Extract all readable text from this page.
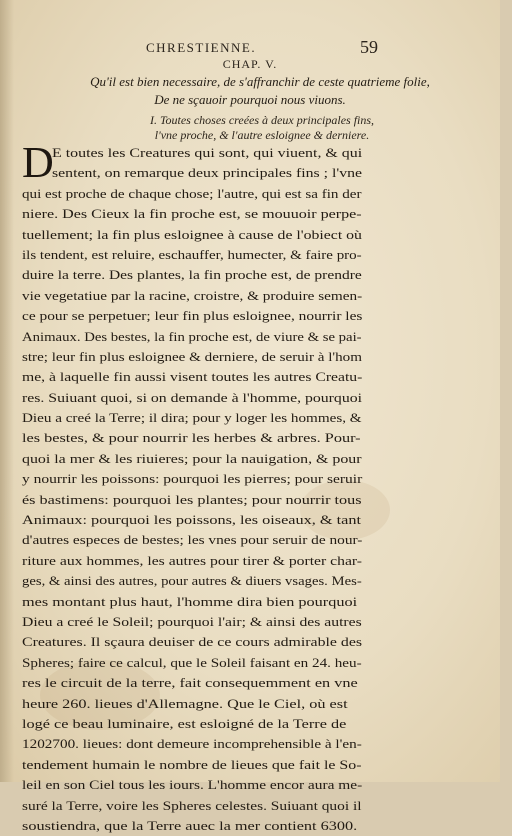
CHRESTIENNE.	59
CHAP. V.
Qu'il est bien necessaire, de s'affranchir de ceste quatrieme folie,
De ne sçauoir pourquoi nous viuons.
I. Toutes choses creées à deux principales fins,
l'vne proche, & l'autre esloignee & derniere.
D
E toutes les Creatures qui sont, qui viuent, & qui
sentent, on remarque deux principales fins ; l'vne
qui est proche de chaque chose; l'autre, qui est sa fin der
niere. Des Cieux la fin proche est, se mouuoir perpe-
tuellement; la fin plus esloignee à cause de l'obiect où
ils tendent, est reluire, eschauffer, humecter, & faire pro-
duire la terre. Des plantes, la fin proche est, de prendre
vie vegetatiue par la racine, croistre, & produire semen-
ce pour se perpetuer; leur fin plus esloignee, nourrir les
Animaux. Des bestes, la fin proche est, de viure & se pai-
stre; leur fin plus esloignee & derniere, de seruir à l'hom
me, à laquelle fin aussi visent toutes les autres Creatu-
res. Suiuant quoi, si on demande à l'homme, pourquoi
Dieu a creé la Terre; il dira; pour y loger les hommes, &
les bestes, & pour nourrir les herbes & arbres. Pour-
quoi la mer & les riuieres; pour la nauigation, & pour
y nourrir les poissons: pourquoi les pierres; pour seruir
és bastimens: pourquoi les plantes; pour nourrir tous
Animaux: pourquoi les poissons, les oiseaux, & tant
d'autres especes de bestes; les vnes pour seruir de nour-
riture aux hommes, les autres pour tirer & porter char-
ges, & ainsi des autres, pour autres & diuers vsages. Mes-
mes montant plus haut, l'homme dira bien pourquoi
Dieu a creé le Soleil; pourquoi l'air; & ainsi des autres
Creatures. Il sçaura deuiser de ce cours admirable des
Spheres; faire ce calcul, que le Soleil faisant en 24. heu-
res le circuit de la terre, fait consequemment en vne
heure 260. lieues d'Allemagne. Que le Ciel, où est
logé ce beau luminaire, est esloigné de la Terre de
1202700. lieues: dont demeure incomprehensible à l'en-
tendement humain le nombre de lieues que fait le So-
leil en son Ciel tous les iours. L'homme encor aura me-
suré la Terre, voire les Spheres celestes. Suiuant quoi il
soustiendra, que la Terre auec la mer contient 6300.
